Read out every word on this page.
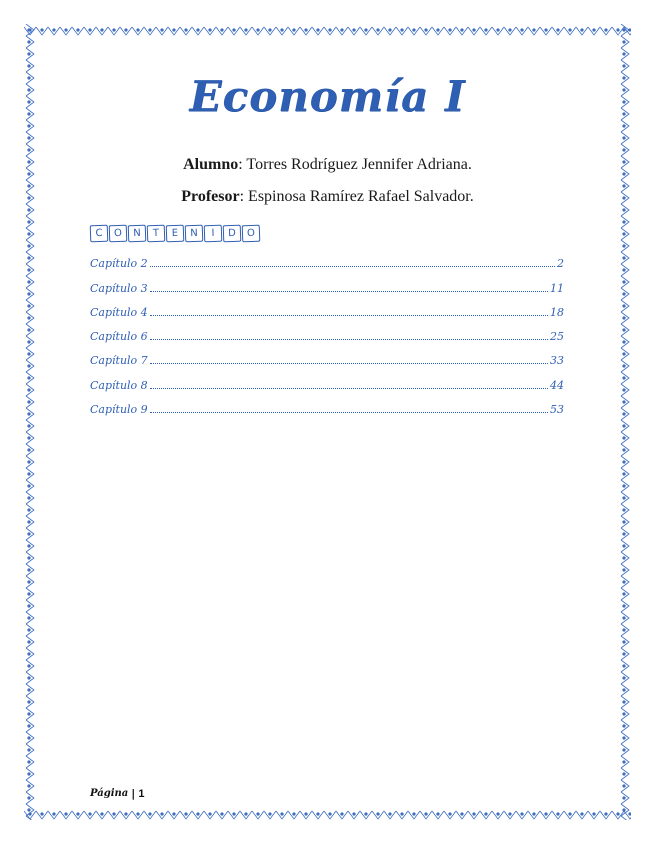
Economía I
Alumno: Torres Rodríguez Jennifer Adriana.
Profesor: Espinosa Ramírez Rafael Salvador.
C	O	N	T	E	N	I	D	O
Capítulo 2	2
Capítulo 3	11
Capítulo 4	18
Capítulo 6	25
Capítulo 7	33
Capítulo 8	44
Capítulo 9	53
Página | 1
